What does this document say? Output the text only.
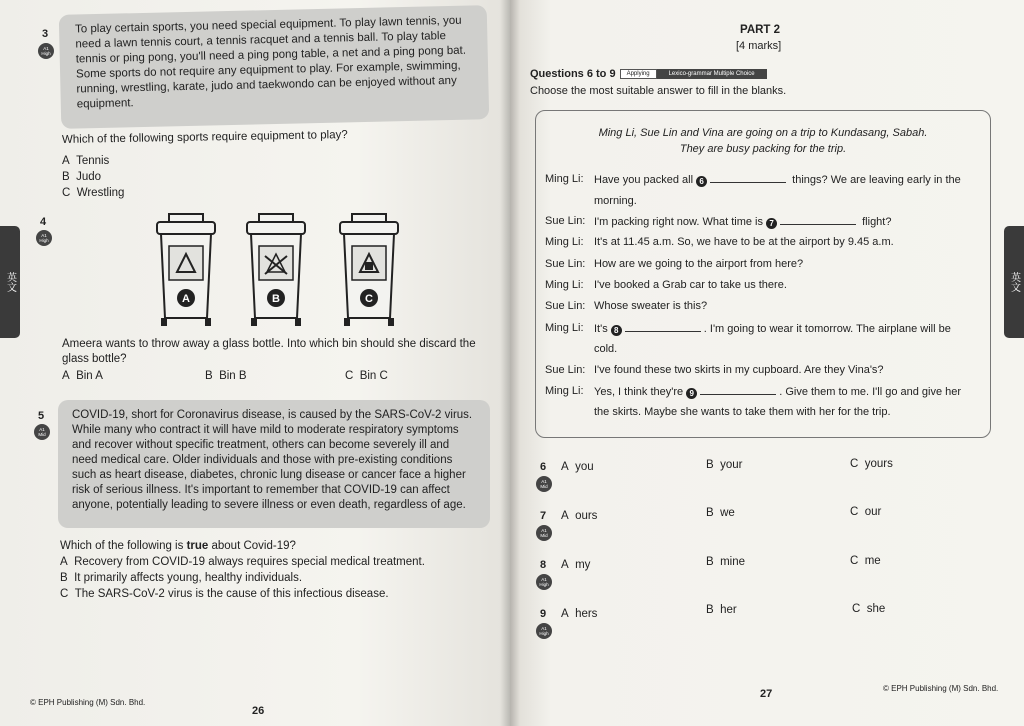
3
A1
High
To play certain sports, you need special equipment. To play lawn tennis, you
need a lawn tennis court, a tennis racquet and a tennis ball. To play table
tennis or ping pong, you'll need a ping pong table, a net and a ping pong bat.
Some sports do not require any equipment to play. For example, swimming,
running, wrestling, karate, judo and taekwondo can be enjoyed without any
equipment.
Which of the following sports require equipment to play?
A Tennis
B Judo
C Wrestling
4
A1
High
A	B	C
Ameera wants to throw away a glass bottle. Into which bin should she discard the
glass bottle?
A Bin A	B Bin B	C Bin C
5
A1
Mid
COVID-19, short for Coronavirus disease, is caused by the SARS-CoV-2 virus.
While many who contract it will have mild to moderate respiratory symptoms
and recover without specific treatment, others can become severely ill and
need medical care. Older individuals and those with pre-existing conditions
such as heart disease, diabetes, chronic lung disease or cancer face a higher
risk of serious illness. It's important to remember that COVID-19 can affect
anyone, potentially leading to severe illness or even death, regardless of age.
Which of the following is true about Covid-19?
A Recovery from COVID-19 always requires special medical treatment.
B It primarily affects young, healthy individuals.
C The SARS-CoV-2 virus is the cause of this infectious disease.
© EPH Publishing (M) Sdn. Bhd.
26
英文
PART 2
[4 marks]
Questions 6 to 9 Applying	Lexico-grammar Multiple Choice
Choose the most suitable answer to fill in the blanks.
Ming Li, Sue Lin and Vina are going on a trip to Kundasang, Sabah.
They are busy packing for the trip.
Ming Li: Have you packed all 6	things? We are leaving early in the
morning.
Sue Lin: I'm packing right now. What time is 7	flight?
Ming Li: It's at 11.45 a.m. So, we have to be at the airport by 9.45 a.m.
Sue Lin: How are we going to the airport from here?
Ming Li: I've booked a Grab car to take us there.
Sue Lin: Whose sweater is this?
Ming Li: It's 8	. I'm going to wear it tomorrow. The airplane will be
cold.
Sue Lin: I've found these two skirts in my cupboard. Are they Vina's?
Ming Li: Yes, I think they're 9	. Give them to me. I'll go and give her
the skirts. Maybe she wants to take them with her for the trip.
6
A1
Mid
A you	B your	C yours
7
A1
Mid
A ours	B we	C our
8
A1
High
A my	B mine	C me
9
A1
High
A hers	B her	C she
27	© EPH Publishing (M) Sdn. Bhd.
英文
